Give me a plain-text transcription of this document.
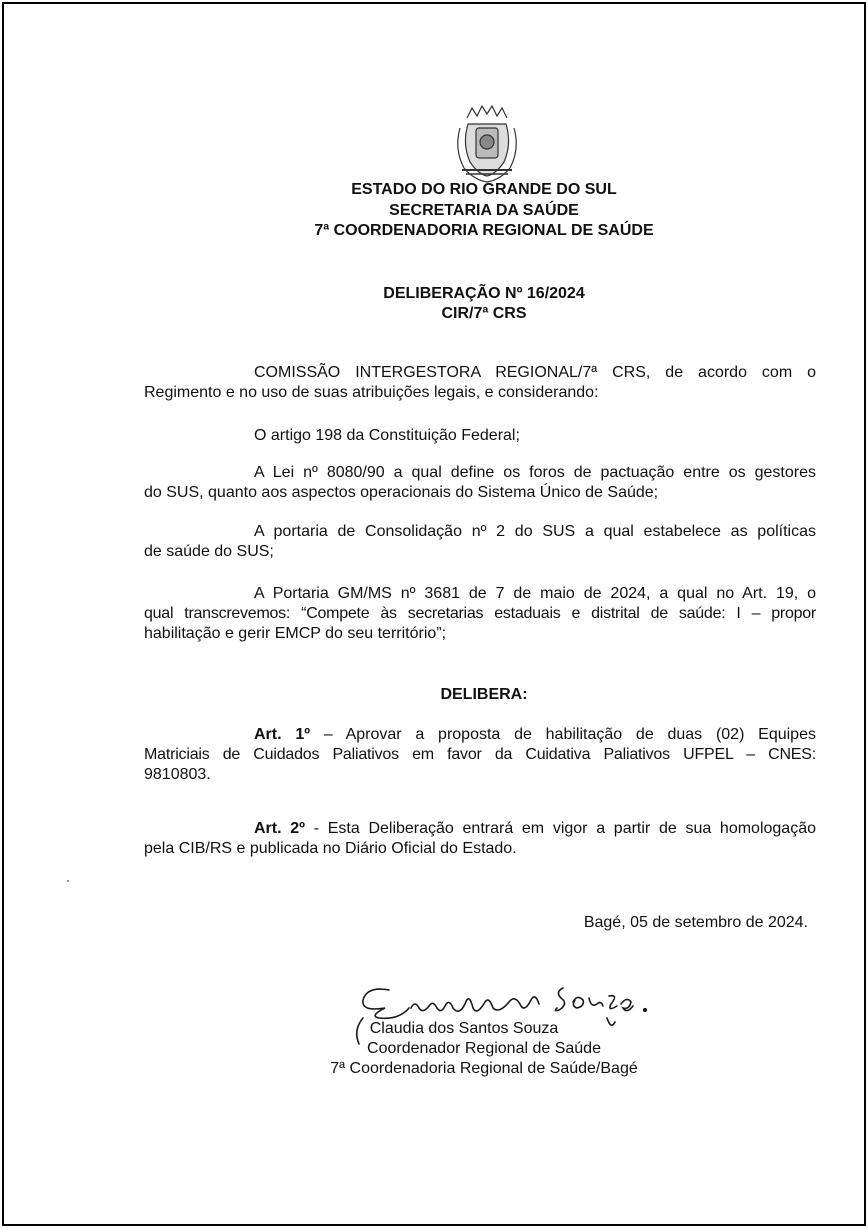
ESTADO DO RIO GRANDE DO SUL
SECRETARIA DA SAÚDE
7ª COORDENADORIA REGIONAL DE SAÚDE
DELIBERAÇÃO Nº 16/2024
CIR/7ª CRS
COMISSÃO INTERGESTORA REGIONAL/7ª CRS, de acordo com o
Regimento e no uso de suas atribuições legais, e considerando:
O artigo 198 da Constituição Federal;
A Lei nº 8080/90 a qual define os foros de pactuação entre os gestores
do SUS, quanto aos aspectos operacionais do Sistema Único de Saúde;
A portaria de Consolidação nº 2 do SUS a qual estabelece as políticas
de saúde do SUS;
A Portaria GM/MS nº 3681 de 7 de maio de 2024, a qual no Art. 19, o
qual transcrevemos: “Compete às secretarias estaduais e distrital de saúde: I – propor
habilitação e gerir EMCP do seu território”;
DELIBERA:
Art. 1º – Aprovar a proposta de habilitação de duas (02) Equipes
Matriciais de Cuidados Paliativos em favor da Cuidativa Paliativos UFPEL – CNES:
9810803.
Art. 2º - Esta Deliberação entrará em vigor a partir de sua homologação
pela CIB/RS e publicada no Diário Oficial do Estado.
Bagé, 05 de setembro de 2024.
Claudia dos Santos Souza
Coordenador Regional de Saúde
7ª Coordenadoria Regional de Saúde/Bagé
